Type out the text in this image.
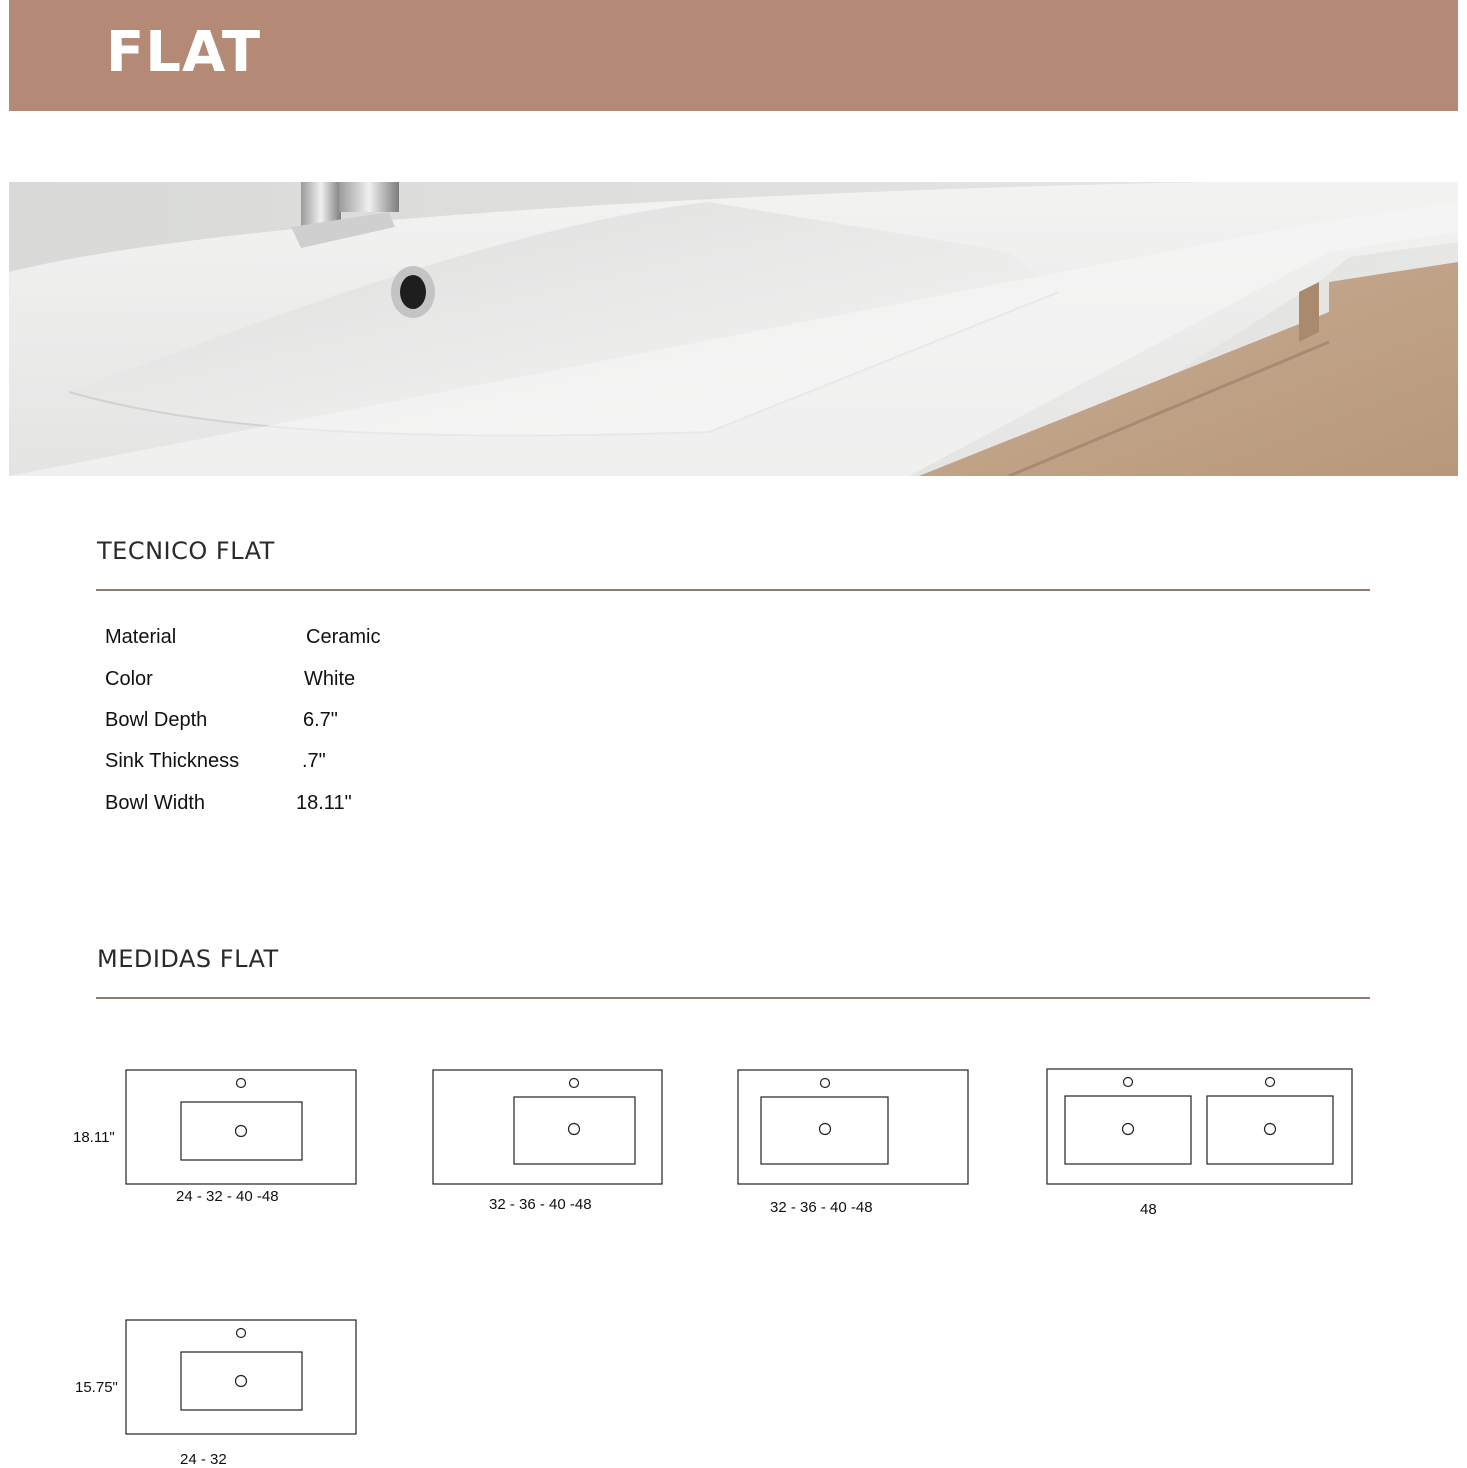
FLAT
TECNICO FLAT
Material	Ceramic
Color	White
Bowl Depth	6.7"
Sink Thickness	.7"
Bowl Width	18.11"
MEDIDAS FLAT
18.11"
15.75"
24 - 32 - 40 -48	32 - 36 - 40 -48	32 - 36 - 40 -48	48
24 - 32
